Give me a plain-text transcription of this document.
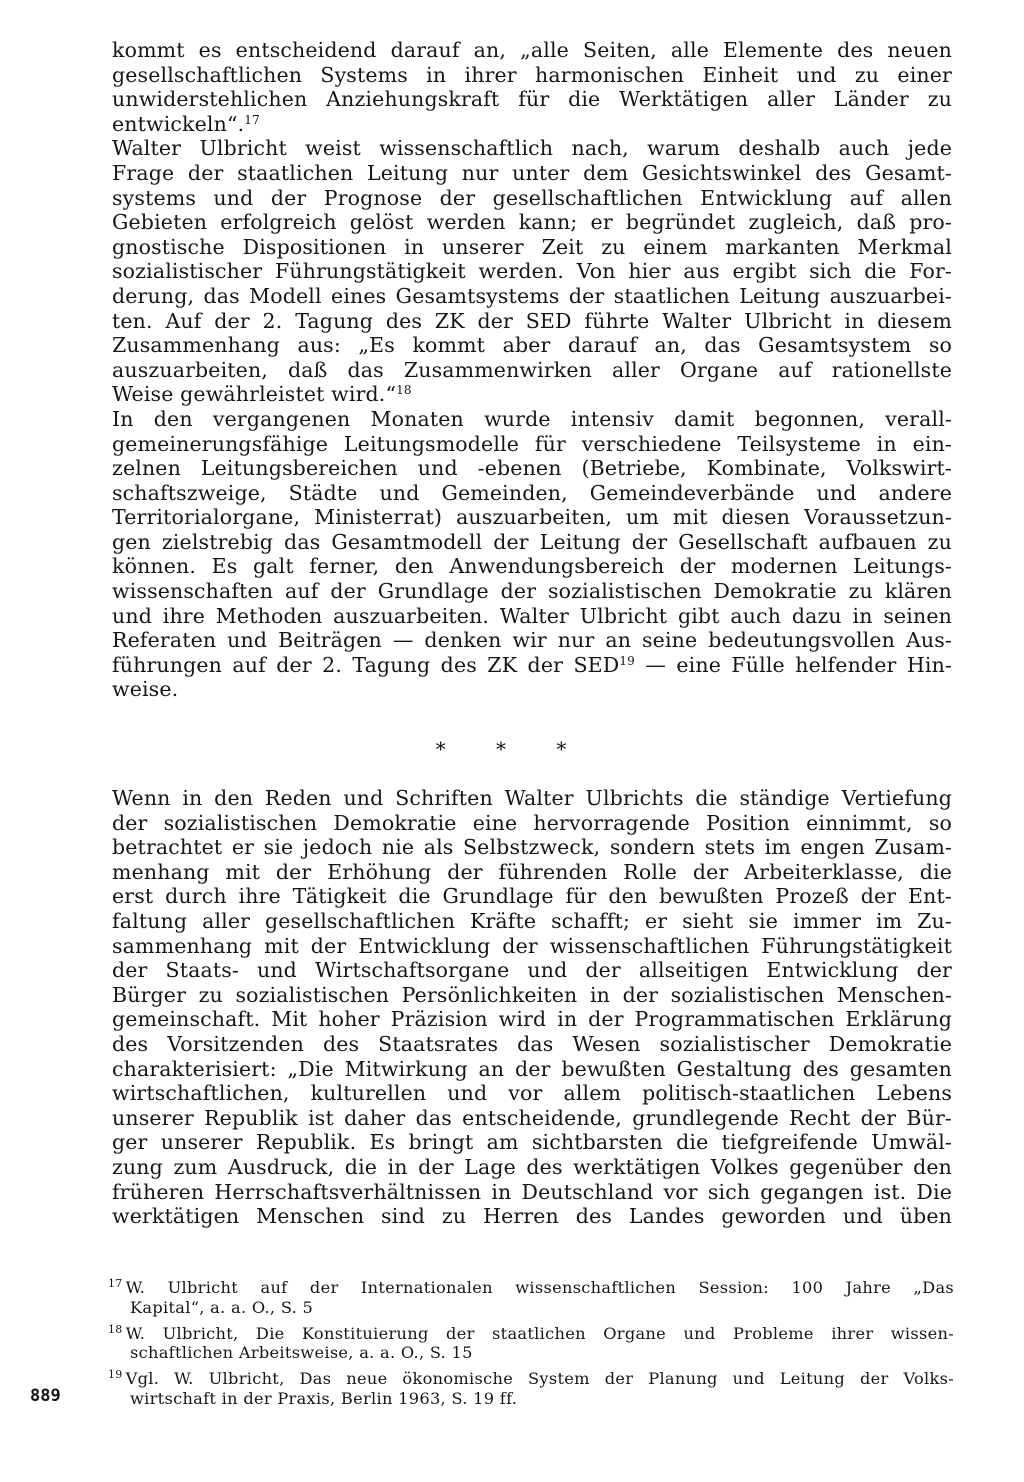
kommt es entscheidend darauf an, „alle Seiten, alle Elemente des neuen
gesellschaftlichen Systems in ihrer harmonischen Einheit und zu einer
unwiderstehlichen Anziehungskraft für die Werktätigen aller Länder zu
entwickeln“.$^{17}$
Walter Ulbricht weist wissenschaftlich nach, warum deshalb auch jede
Frage der staatlichen Leitung nur unter dem Gesichtswinkel des Gesamt-
systems und der Prognose der gesellschaftlichen Entwicklung auf allen
Gebieten erfolgreich gelöst werden kann; er begründet zugleich, daß pro-
gnostische Dispositionen in unserer Zeit zu einem markanten Merkmal
sozialistischer Führungstätigkeit werden. Von hier aus ergibt sich die For-
derung, das Modell eines Gesamtsystems der staatlichen Leitung auszuarbei-
ten. Auf der 2. Tagung des ZK der SED führte Walter Ulbricht in diesem
Zusammenhang aus: „Es kommt aber darauf an, das Gesamtsystem so
auszuarbeiten, daß das Zusammenwirken aller Organe auf rationellste
Weise gewährleistet wird.“$^{18}$
In den vergangenen Monaten wurde intensiv damit begonnen, verall-
gemeinerungsfähige Leitungsmodelle für verschiedene Teilsysteme in ein-
zelnen Leitungsbereichen und -ebenen (Betriebe, Kombinate, Volkswirt-
schaftszweige, Städte und Gemeinden, Gemeindeverbände und andere
Territorialorgane, Ministerrat) auszuarbeiten, um mit diesen Voraussetzun-
gen zielstrebig das Gesamtmodell der Leitung der Gesellschaft aufbauen zu
können. Es galt ferner, den Anwendungsbereich der modernen Leitungs-
wissenschaften auf der Grundlage der sozialistischen Demokratie zu klären
und ihre Methoden auszuarbeiten. Walter Ulbricht gibt auch dazu in seinen
Referaten und Beiträgen — denken wir nur an seine bedeutungsvollen Aus-
führungen auf der 2. Tagung des ZK der SED$^{19}$ — eine Fülle helfender Hin-
weise.
* * *
Wenn in den Reden und Schriften Walter Ulbrichts die ständige Vertiefung
der sozialistischen Demokratie eine hervorragende Position einnimmt, so
betrachtet er sie jedoch nie als Selbstzweck, sondern stets im engen Zusam-
menhang mit der Erhöhung der führenden Rolle der Arbeiterklasse, die
erst durch ihre Tätigkeit die Grundlage für den bewußten Prozeß der Ent-
faltung aller gesellschaftlichen Kräfte schafft; er sieht sie immer im Zu-
sammenhang mit der Entwicklung der wissenschaftlichen Führungstätigkeit
der Staats- und Wirtschaftsorgane und der allseitigen Entwicklung der
Bürger zu sozialistischen Persönlichkeiten in der sozialistischen Menschen-
gemeinschaft. Mit hoher Präzision wird in der Programmatischen Erklärung
des Vorsitzenden des Staatsrates das Wesen sozialistischer Demokratie
charakterisiert: „Die Mitwirkung an der bewußten Gestaltung des gesamten
wirtschaftlichen, kulturellen und vor allem politisch-staatlichen Lebens
unserer Republik ist daher das entscheidende, grundlegende Recht der Bür-
ger unserer Republik. Es bringt am sichtbarsten die tiefgreifende Umwäl-
zung zum Ausdruck, die in der Lage des werktätigen Volkes gegenüber den
früheren Herrschaftsverhältnissen in Deutschland vor sich gegangen ist. Die
werktätigen Menschen sind zu Herren des Landes geworden und üben
$^{17}$ W. Ulbricht auf der Internationalen wissenschaftlichen Session: 100 Jahre „Das
Kapital“, a. a. O., S. 5
$^{18}$ W. Ulbricht, Die Konstituierung der staatlichen Organe und Probleme ihrer wissen-
schaftlichen Arbeitsweise, a. a. O., S. 15
$^{19}$ Vgl. W. Ulbricht, Das neue ökonomische System der Planung und Leitung der Volks-
wirtschaft in der Praxis, Berlin 1963, S. 19 ff.
889
